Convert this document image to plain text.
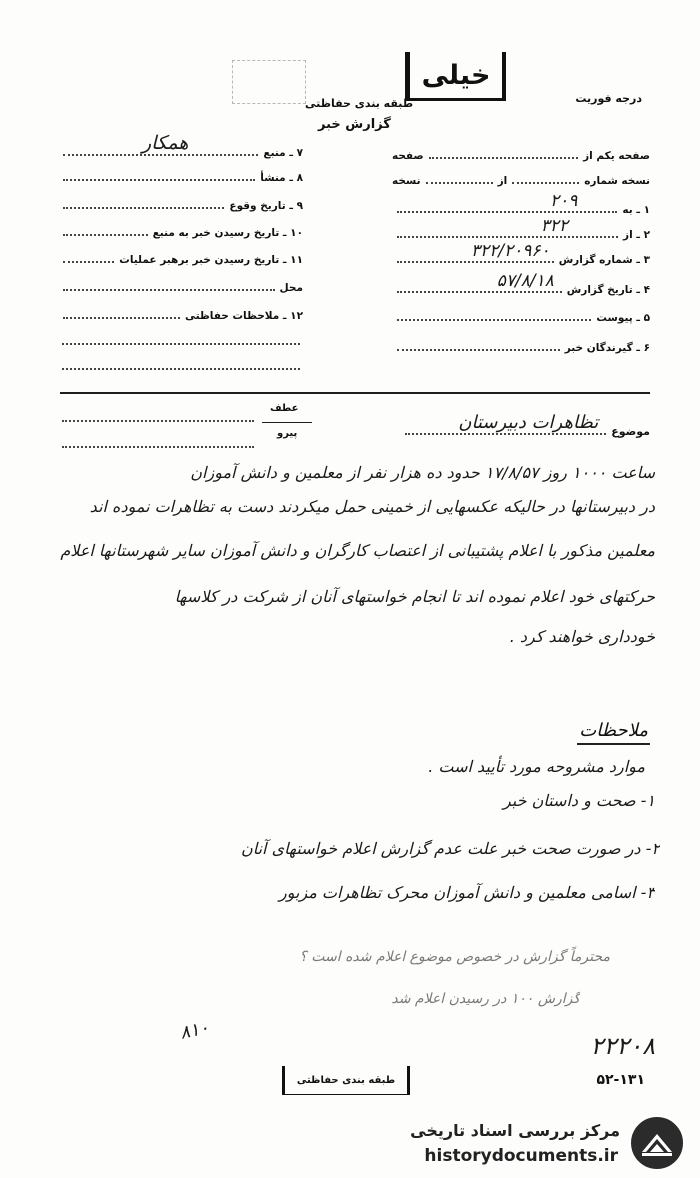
خیلی
طبقه بندی حفاظتی
گزارش خبر
درجه فوریت
صفحه یکم از
صفحه
نسخه شماره
از
نسخه
۱ ـ به
۲۰۹
۲ ـ از
۳۲۲
۳ ـ شماره گزارش
۳۲۲/۲۰۹۶۰
۴ ـ تاریخ گزارش
۵۷/۸/۱۸
۵ ـ پیوست
۶ ـ گیرندگان خبر
۷ ـ منبع
همکار
۸ ـ منشأ
۹ ـ تاریخ وقوع
۱۰ ـ تاریخ رسیدن خبر به منبع
۱۱ ـ تاریخ رسیدن خبر برهبر عملیات
محل
۱۲ ـ ملاحظات حفاظتی
موضوع
تظاهرات دبیرستان
عطف
پیرو
ساعت ۱۰۰۰ روز ۱۷/۸/۵۷ حدود ده هزار نفر از معلمین و دانش آموزان
در دبیرستانها در حالیکه عکسهایی از خمینی حمل میکردند دست به تظاهرات نموده اند
معلمین مذکور با اعلام پشتیبانی از اعتصاب کارگران و دانش آموزان سایر شهرستانها اعلام
حرکتهای خود اعلام نموده اند تا انجام خواستهای آنان از شرکت در کلاسها
خودداری خواهند کرد .
ملاحظات
موارد مشروحه مورد تأیید است .
۱- صحت و داستان خبر
۲- در صورت صحت خبر علت عدم گزارش اعلام خواستهای آنان
۳- اسامی معلمین و دانش آموزان محرک تظاهرات مزبور
محترماً گزارش در خصوص موضوع اعلام شده است ؟
گزارش ۱۰۰ در رسیدن اعلام شد
۸۱۰
۲۲۲۰۸
۵۲-۱۳۱
طبقه بندی حفاظتی
مرکز بررسی اسناد تاریخی
historydocuments.ir
